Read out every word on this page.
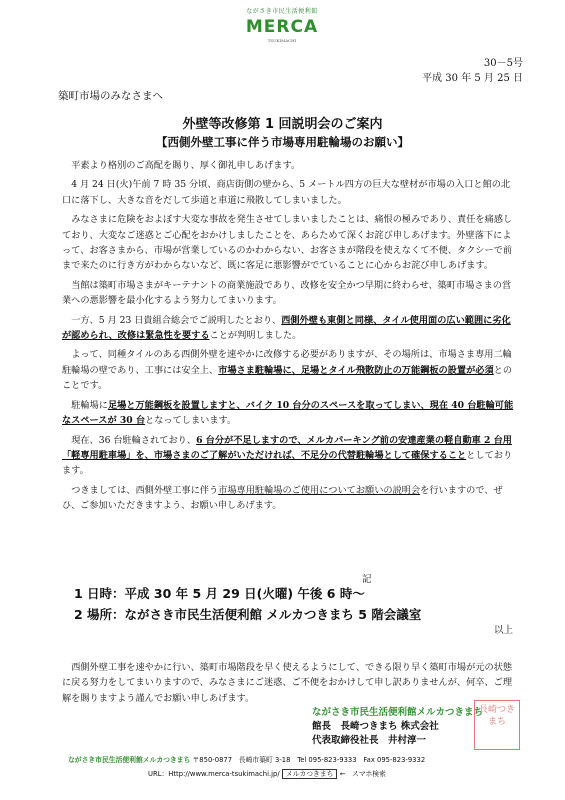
ながさき市民生活便利館
MERCA
TSUKIMACHI
30－5号
平成 30 年 5 月 25 日
築町市場のみなさまへ
外壁等改修第 1 回説明会のご案内
【西側外壁工事に伴う市場専用駐輪場のお願い】

平素より格別のご高配を賜り、厚く御礼申しあげます。

4 月 24 日(火)午前 7 時 35 分頃、商店街側の壁から、5 メートル四方の巨大な壁材が市場の入口と館の北口に落下し、大きな音をだして歩道と車道に飛散してしまいました。

みなさまに危険をおよぼす大変な事故を発生させてしまいましたことは、痛恨の極みであり、責任を痛感しており、大変なご迷惑とご心配をおかけしましたことを、あらためて深くお詫び申しあげます。外壁落下によって、お客さまから、市場が営業しているのかわからない、お客さまが階段を使えなくて不便、タクシーで前まで来たのに行き方がわからないなど、既に客足に悪影響がでていることに心からお詫び申しあげます。

当館は築町市場さまがキーテナントの商業施設であり、改修を安全かつ早期に終わらせ、築町市場さまの営業への悪影響を最小化するよう努力してまいります。

一方、5 月 23 日貴組合総会でご説明したとおり、西側外壁も東側と同様、タイル使用面の広い範囲に劣化が認められ、改修は緊急性を要することが判明しました。

よって、同種タイルのある西側外壁を速やかに改修する必要がありますが、その場所は、市場さま専用二輪駐輪場の壁であり、工事には安全上、市場さま駐輪場に、足場とタイル飛散防止の万能鋼板の設置が必須とのことです。

駐輪場に足場と万能鋼板を設置しますと、バイク 10 台分のスペースを取ってしまい、現在 40 台駐輪可能なスペースが 30 台となってしまいます。

現在、36 台駐輪されており、6 台分が不足しますので、メルカパーキング前の安達産業の軽自動車 2 台用「軽専用駐車場」を、市場さまのご了解がいただければ、不足分の代替駐輪場として確保することとしております。

つきましては、西側外壁工事に伴う市場専用駐輪場のご使用についてお願いの説明会を行いますので、ぜひ、ご参加いただきますよう、お願い申しあげます。

記
1 日時：平成 30 年 5 月 29 日(火曜) 午後 6 時～
2 場所：ながさき市民生活便利館 メルカつきまち 5 階会議室
以上
西側外壁工事を速やかに行い、築町市場階段を早く使えるようにして、できる限り早く築町市場が元の状態に戻る努力をしてまいりますので、みなさまにご迷惑、ご不便をおかけして申し訳ありませんが、何卒、ご理解を賜りますよう謹んでお願い申しあげます。
ながさき市民生活便利館メルカつきまち
館長　長崎つきまち 株式会社
代表取締役社長　井村淳一
長崎つきまち
ながさき市民生活便利館メルカつきまち 〒850-0877　長崎市築町 3-18　Tel 095-823-9333　Fax 095-823-9332
URL：Http://www.merca-tsukimachi.jp/ メルカつきまち ←　スマホ検索
